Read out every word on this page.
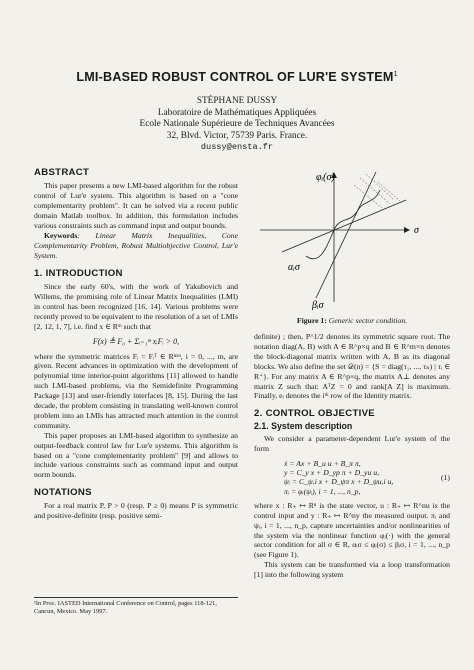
LMI-BASED ROBUST CONTROL OF LUR'E SYSTEM$^1$
STÉPHANE DUSSY
Laboratoire de Mathématiques Appliquées
Ecole Nationale Supérieure de Techniques Avancées
32, Blvd. Victor, 75739 Paris. France.
dussy@ensta.fr
ABSTRACT

This paper presents a new LMI-based algorithm for the robust control of Lur'e system. This algorithm is based on a "cone complementarity problem". It can be solved via a recent public domain Matlab toolbox. In addition, this formulation includes various constraints such as command input and output bounds.

Keywords: Linear Matrix Inequalities, Cone Complementarity Problem, Robust Multiobjective Control, Lur'e System.

1. INTRODUCTION

Since the early 60's, with the work of Yakubovich and Willems, the promising role of Linear Matrix Inequalities (LMI) in control has been recognized [16, 14]. Various problems were recently proved to be equivalent to the resolution of a set of LMIs [2, 12, 1, 7], i.e. find x ∈ Rᵐ such that

F(x) ≜ F₀ + Σᵢ₌₁ᵐ xᵢFᵢ > 0,

where the symmetric matrices Fᵢ = Fᵢᵀ ∈ Rⁿˣⁿ, i = 0, ..., m, are given. Recent advances in optimization with the development of polynomial time interior-point algorithms [11] allowed to handle such LMI-based problems, via the Semidefinite Programming Package [13] and user-friendly interfaces [8, 15]. During the last decade, the problem consisting in translating well-known control problem into an LMIs has attracted much attention in the control community.

This paper proposes an LMI-based algorithm to synthesize an output-feedback control law for Lur'e systems. This algorithm is based on a "cone complementarity problem" [9] and allows to include various constraints such as command input and output norm bounds.

NOTATIONS

For a real matrix P, P > 0 (resp. P ≥ 0) means P is symmetric and positive-definite (resp. positive semi-

¹In Proc. IASTED International Conference on Control, pages 118-121, Cancun, Mexico. May 1997.
φᵢ(σ)
σ
αᵢσ
βᵢσ
Figure 1: Generic sector condition.

definite) ; then, P^1/2 denotes its symmetric square root. The notation diag(A, B) with A ∈ R^p×q and B ∈ R^m×n denotes the block-diagonal matrix written with A, B as its diagonal blocks. We also define the set 𝒟(n) = {S = diag(τ₁, ..., τₙ) | τᵢ ∈ R⁺}. For any matrix A ∈ R^p×q, the matrix A⊥ denotes any matrix Z such that: AᵀZ = 0 and rank[A Z] is maximum. Finally, eᵢ denotes the iᵗʰ row of the Identity matrix.

2. CONTROL OBJECTIVE
2.1. System description

We consider a parameter-dependent Lur'e system of the form

ẋ = Ax + B_u u + B_π π,
y = C_y x + D_yp π + D_yu u,
ψᵢ = C_ψ,i x + D_ψπ x + D_ψu,i u,
πᵢ = φᵢ(ψᵢ), i = 1, ..., n_p,
(1)

where x : R₊ ↦ Rⁿ is the state vector, u : R₊ ↦ R^nu is the control input and y : R₊ ↦ R^ny the measured output. πᵢ and ψᵢ, i = 1, ..., n_p, capture uncertainties and/or nonlinearities of the system via the nonlinear function φᵢ(·) with the general sector condition for all σ ∈ R, αᵢσ ≤ φᵢ(σ) ≤ βᵢσ, i = 1, ..., n_p (see Figure 1).

This system can be transformed via a loop transformation [1] into the following system
